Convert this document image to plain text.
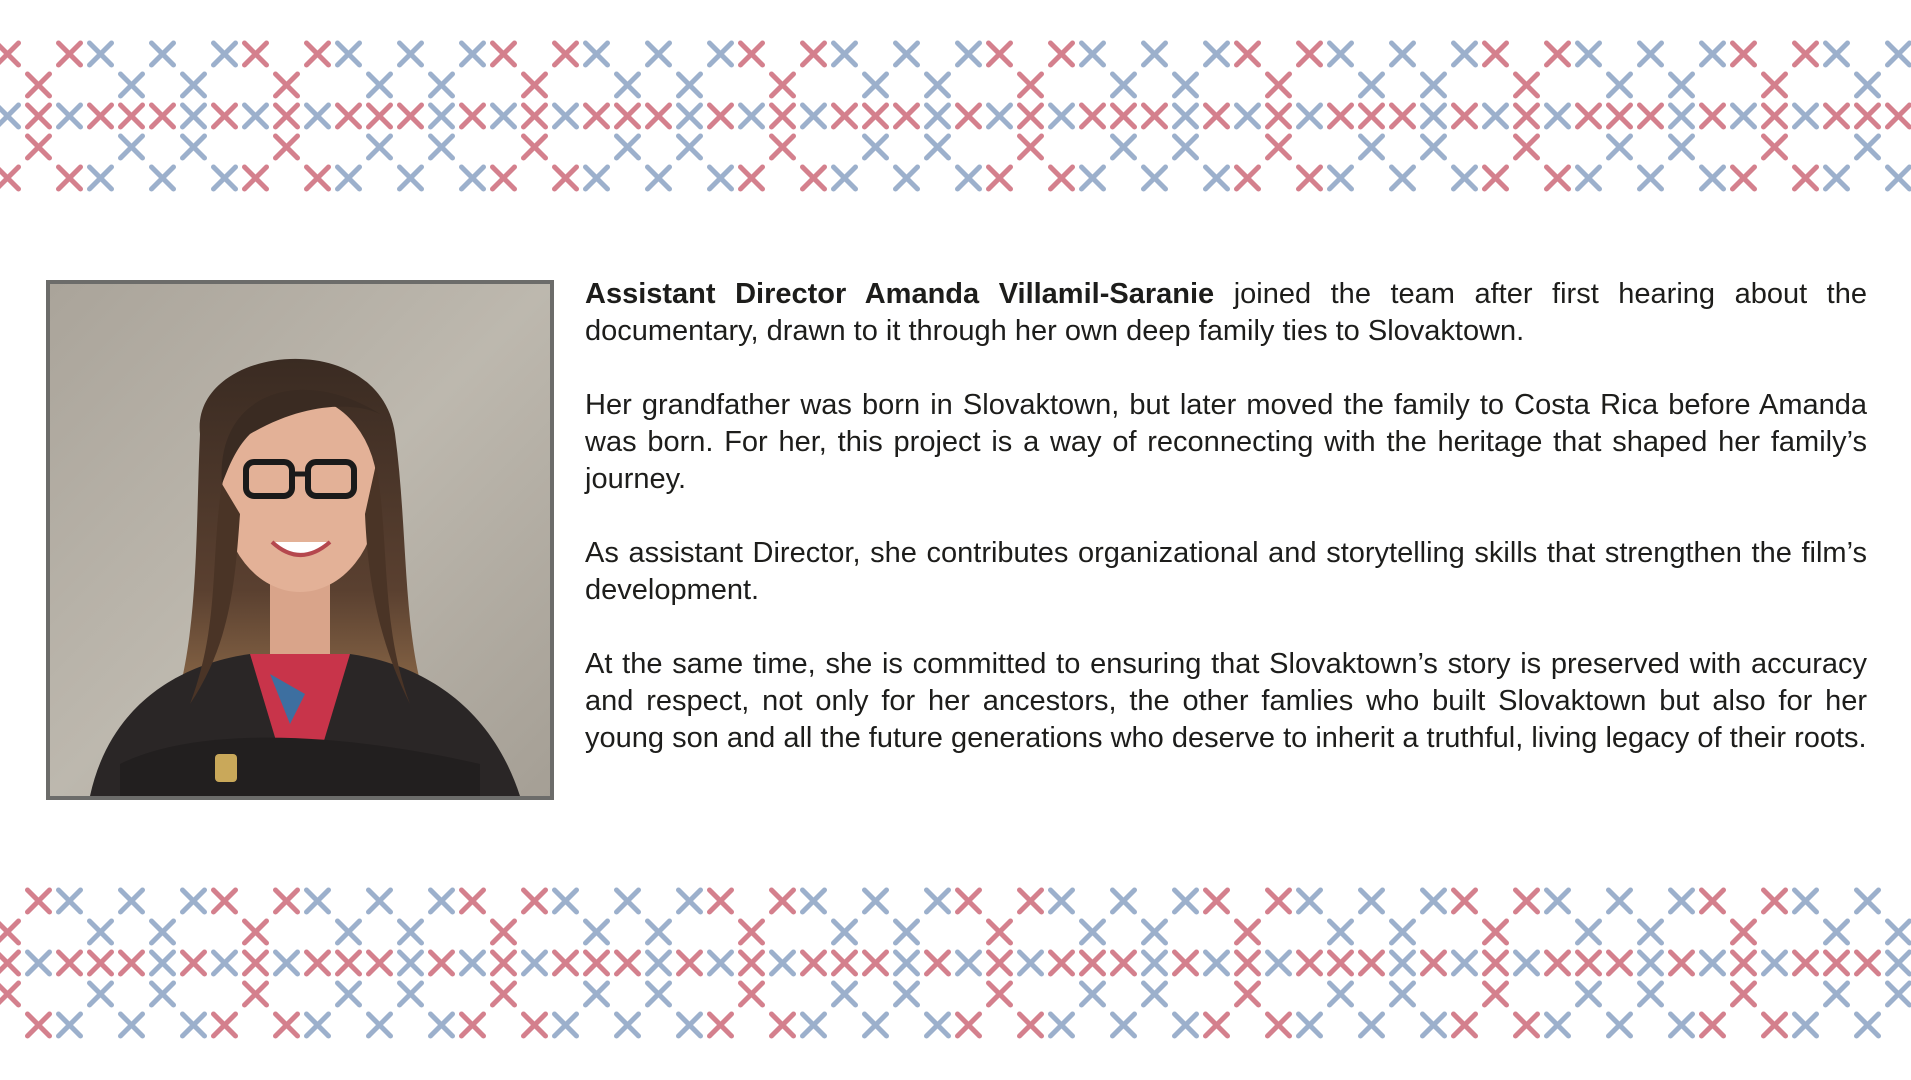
Assistant Director Amanda Villamil-Saranie joined the team after first hearing about the documentary, drawn to it through her own deep family ties to Slovaktown.

Her grandfather was born in Slovaktown, but later moved the family to Costa Rica before Amanda was born. For her, this project is a way of reconnecting with the heritage that shaped her family’s journey.

As assistant Director, she contributes organizational and storytelling skills that strengthen the film’s development.

At the same time, she is committed to ensuring that Slovaktown’s story is preserved with accuracy and respect, not only for her ancestors, the other famlies who built Slovaktown but also for her young son and all the future generations who deserve to inherit a truthful, living legacy of their roots.
